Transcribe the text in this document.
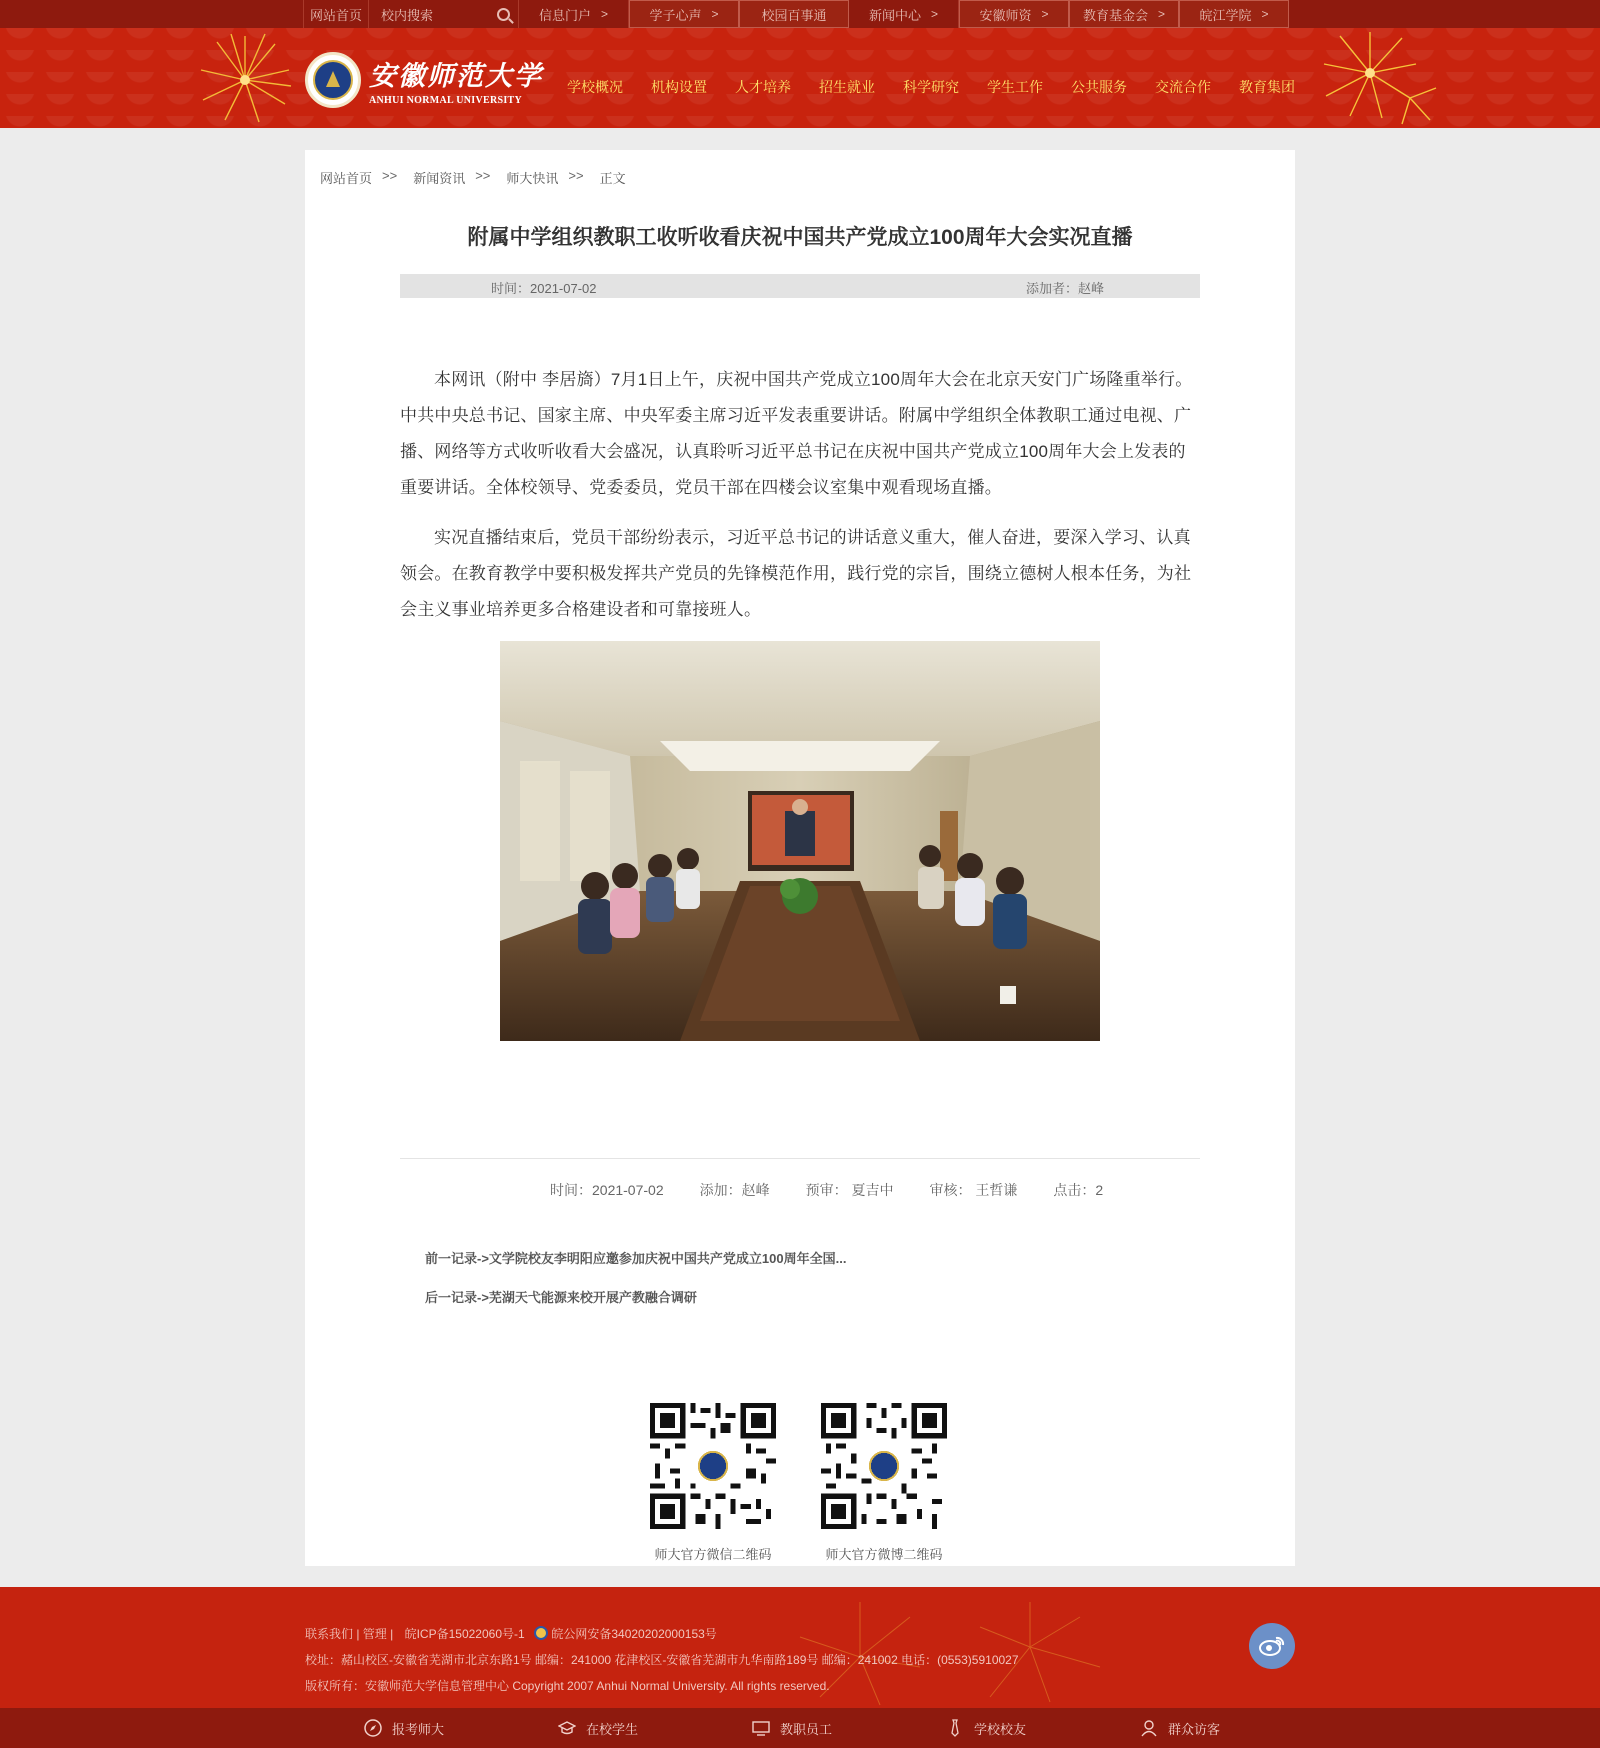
网站首页	校内搜索	信息门户 >	学子心声 >	校园百事通	新闻中心 >	安徽师资 >	教育基金会 >	皖江学院 >
安徽师范大学
ANHUI NORMAL UNIVERSITY
学校概况	机构设置	人才培养	招生就业	科学研究	学生工作	公共服务	交流合作	教育集团
网站首页 >> 新闻资讯 >> 师大快讯 >> 正文
附属中学组织教职工收听收看庆祝中国共产党成立100周年大会实况直播
时间：2021-07-02	添加者：赵峰

本网讯（附中 李居旖）7月1日上午，庆祝中国共产党成立100周年大会在北京天安门广场隆重举行。中共中央总书记、国家主席、中央军委主席习近平发表重要讲话。附属中学组织全体教职工通过电视、广播、网络等方式收听收看大会盛况，认真聆听习近平总书记在庆祝中国共产党成立100周年大会上发表的重要讲话。全体校领导、党委委员，党员干部在四楼会议室集中观看现场直播。

实况直播结束后，党员干部纷纷表示，习近平总书记的讲话意义重大，催人奋进，要深入学习、认真领会。在教育教学中要积极发挥共产党员的先锋模范作用，践行党的宗旨，围绕立德树人根本任务，为社会主义事业培养更多合格建设者和可靠接班人。

时间：2021-07-02	添加：赵峰	预审： 夏吉中	审核： 王哲谦	点击：2
前一记录->文学院校友李明阳应邀参加庆祝中国共产党成立100周年全国...
后一记录->芜湖天弋能源来校开展产教融合调研
师大官方微信二维码	师大官方微博二维码
联系我们 | 管理 | 皖ICP备15022060号-1 皖公网安备34020202000153号
校址：赭山校区-安徽省芜湖市北京东路1号 邮编：241000 花津校区-安徽省芜湖市九华南路189号 邮编：241002 电话：(0553)5910027
版权所有：安徽师范大学信息管理中心 Copyright 2007 Anhui Normal University. All rights reserved.
报考师大	在校学生	教职员工	学校校友	群众访客
